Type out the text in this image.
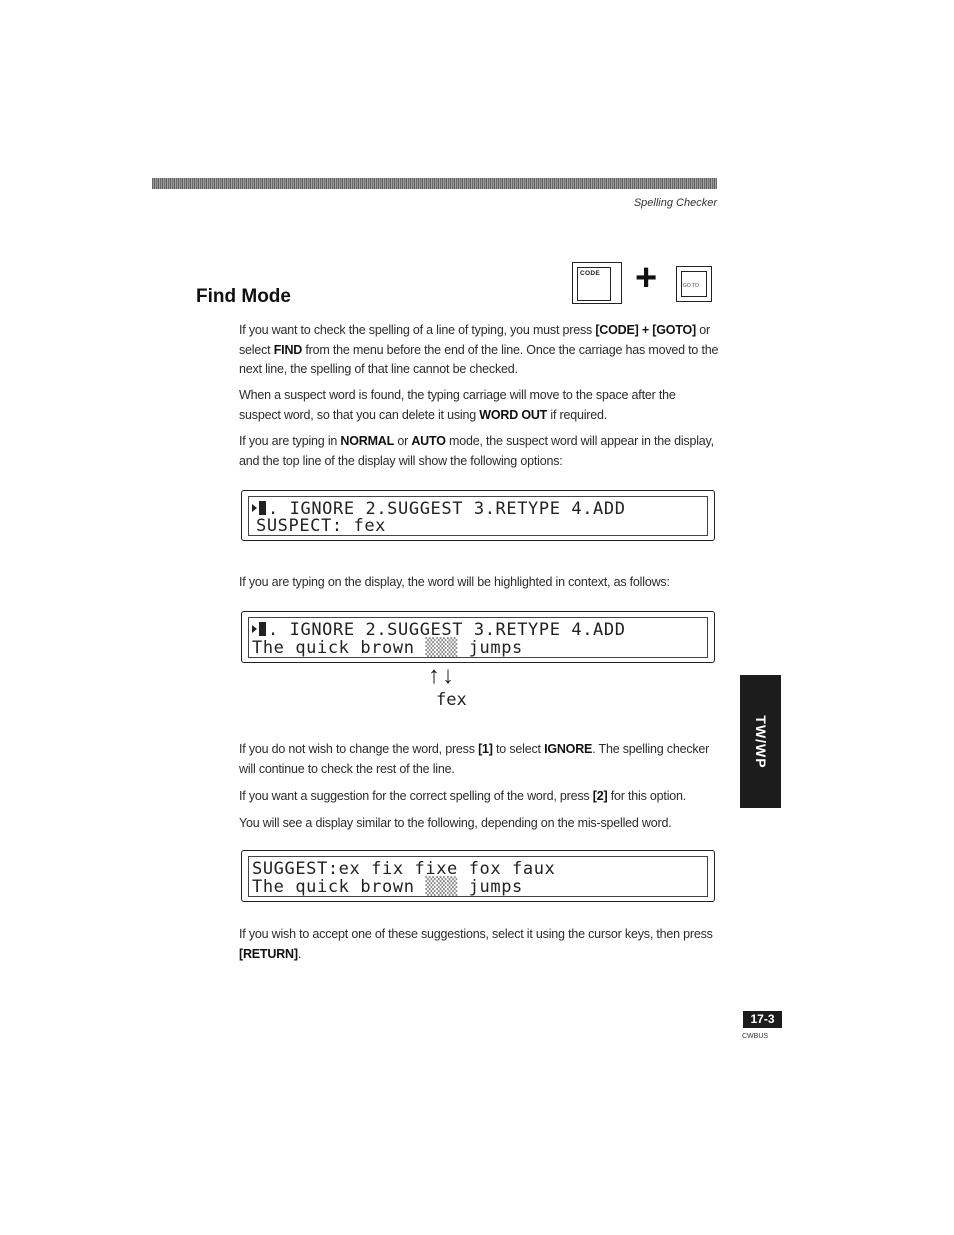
Spelling Checker
Find Mode
CODE +	GO TO
If you want to check the spelling of a line of typing, you must press [CODE] + [GOTO] or select FIND from the menu before the end of the line. Once the carriage has moved to the next line, the spelling of that line cannot be checked.
When a suspect word is found, the typing carriage will move to the space after the suspect word, so that you can delete it using WORD OUT if required.
If you are typing in NORMAL or AUTO mode, the suspect word will appear in the display, and the top line of the display will show the following options:
. IGNORE 2.SUGGEST 3.RETYPE 4.ADD
SUSPECT: fex
If you are typing on the display, the word will be highlighted in context, as follows:
. IGNORE 2.SUGGEST 3.RETYPE 4.ADD
The quick brown ▒▒▒ jumps
↑↓
fex
If you do not wish to change the word, press [1] to select IGNORE. The spelling checker will continue to check the rest of the line.
If you want a suggestion for the correct spelling of the word, press [2] for this option.
You will see a display similar to the following, depending on the mis-spelled word.
SUGGEST:ex fix fixe fox faux
The quick brown ▒▒▒ jumps
If you wish to accept one of these suggestions, select it using the cursor keys, then press [RETURN].
TW/WP
17-3
CWBUS
